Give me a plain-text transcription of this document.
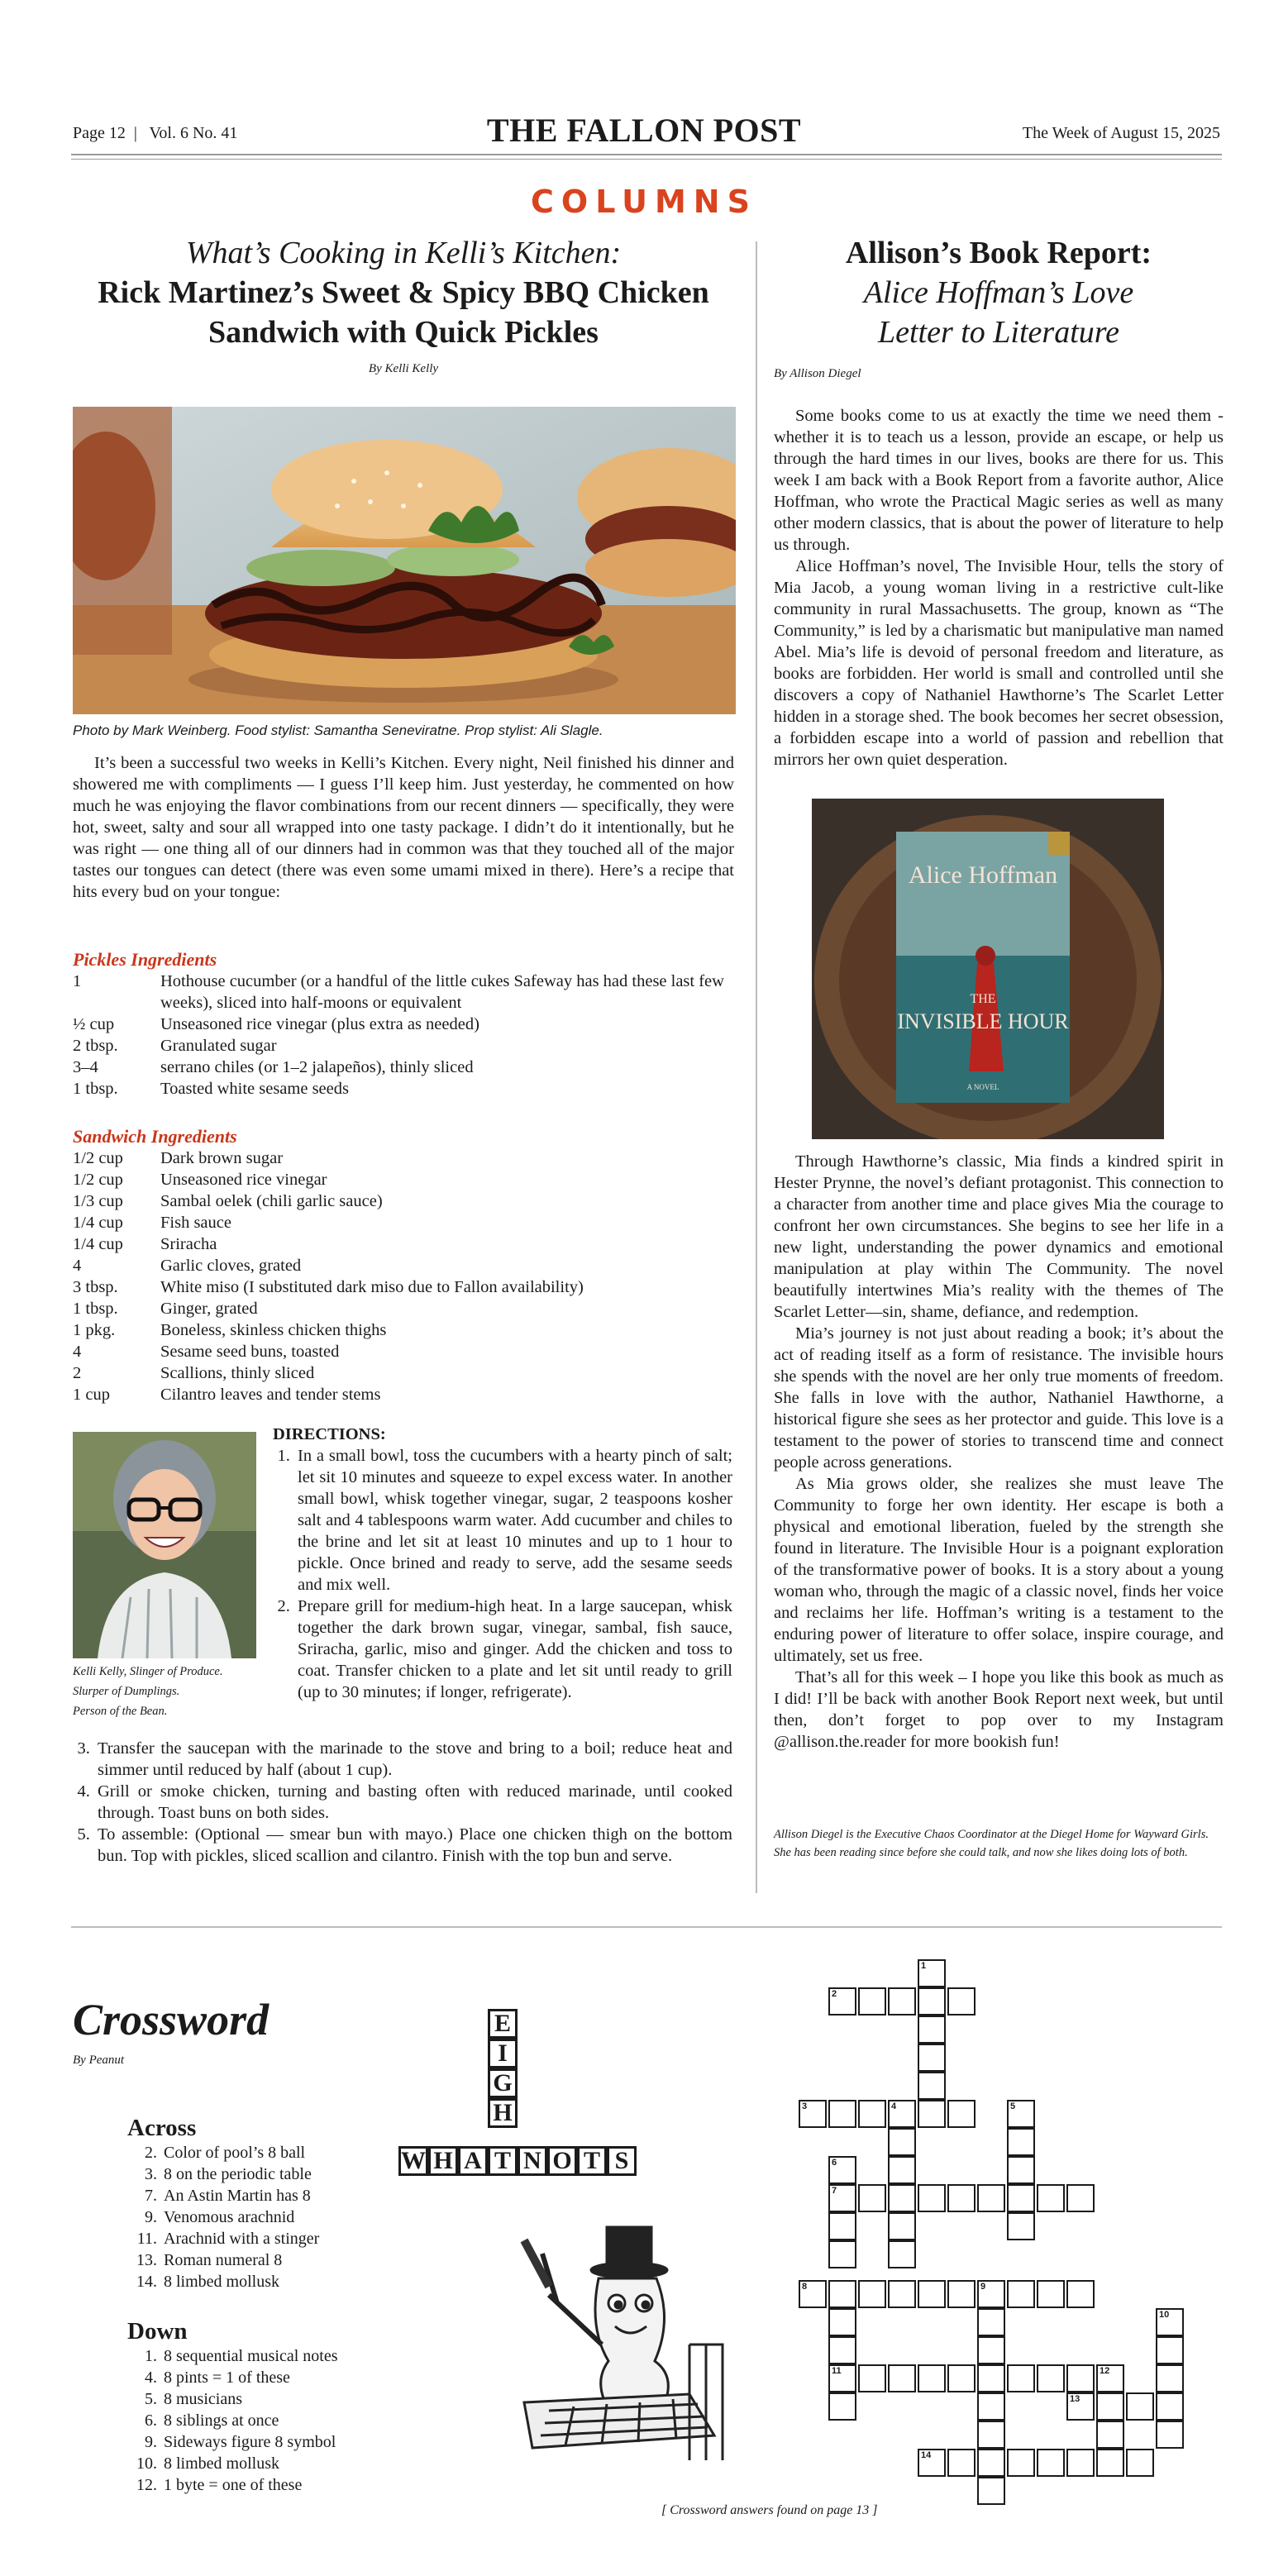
Page 12  |   Vol. 6 No. 41	THE FALLON POST	The Week of August 15, 2025
COLUMNS
What’s Cooking in Kelli’s Kitchen:
Rick Martinez’s Sweet & Spicy BBQ Chicken Sandwich with Quick Pickles
By Kelli Kelly
Photo by Mark Weinberg. Food stylist: Samantha Seneviratne. Prop stylist: Ali Slagle.

It’s been a successful two weeks in Kelli’s Kitchen. Every night, Neil finished his dinner and showered me with compliments — I guess I’ll keep him. Just yesterday, he commented on how much he was enjoying the flavor combinations from our recent dinners — specifically, they were hot, sweet, salty and sour all wrapped into one tasty package. I didn’t do it intentionally, but he was right — one thing all of our dinners had in common was that they touched all of the major tastes our tongues can detect (there was even some umami mixed in there). Here’s a recipe that hits every bud on your tongue:

Pickles Ingredients
1	Hothouse cucumber (or a handful of the little cukes Safeway has had these last few weeks), sliced into half-moons or equivalent
½ cup	Unseasoned rice vinegar (plus extra as needed)
2 tbsp.	Granulated sugar
3–4	serrano chiles (or 1–2 jalapeños), thinly sliced
1 tbsp.	Toasted white sesame seeds
Sandwich Ingredients
1/2 cup	Dark brown sugar
1/2 cup	Unseasoned rice vinegar
1/3 cup	Sambal oelek (chili garlic sauce)
1/4 cup	Fish sauce
1/4 cup	Sriracha
4	Garlic cloves, grated
3 tbsp.	White miso (I substituted dark miso due to Fallon availability)
1 tbsp.	Ginger, grated
1 pkg.	Boneless, skinless chicken thighs
4	Sesame seed buns, toasted
2	Scallions, thinly sliced
1 cup	Cilantro leaves and tender stems
Kelli Kelly, Slinger of Produce.
Slurper of Dumplings.
Person of the Bean.
DIRECTIONS:
1. In a small bowl, toss the cucumbers with a hearty pinch of salt; let sit 10 minutes and squeeze to expel excess water. In another small bowl, whisk together vinegar, sugar, 2 teaspoons kosher salt and 4 tablespoons warm water. Add cucumber and chiles to the brine and let sit at least 10 minutes and up to 1 hour to pickle. Once brined and ready to serve, add the sesame seeds and mix well.
2. Prepare grill for medium-high heat. In a large saucepan, whisk together the dark brown sugar, vinegar, sambal, fish sauce, Sriracha, garlic, miso and ginger. Add the chicken and toss to coat. Transfer chicken to a plate and let sit until ready to grill (up to 30 minutes; if longer, refrigerate).
3. Transfer the saucepan with the marinade to the stove and bring to a boil; reduce heat and simmer until reduced by half (about 1 cup).
4. Grill or smoke chicken, turning and basting often with reduced marinade, until cooked through. Toast buns on both sides.
5. To assemble: (Optional — smear bun with mayo.) Place one chicken thigh on the bottom bun. Top with pickles, sliced scallion and cilantro. Finish with the top bun and serve.
Allison’s Book Report:
Alice Hoffman’s Love Letter to Literature
By Allison Diegel

Some books come to us at exactly the time we need them - whether it is to teach us a lesson, provide an escape, or help us through the hard times in our lives, books are there for us. This week I am back with a Book Report from a favorite author, Alice Hoffman, who wrote the Practical Magic series as well as many other modern classics, that is about the power of literature to help us through.

Alice Hoffman’s novel, The Invisible Hour, tells the story of Mia Jacob, a young woman living in a restrictive cult-like community in rural Massachusetts. The group, known as “The Community,” is led by a charismatic but manipulative man named Abel. Mia’s life is devoid of personal freedom and literature, as books are forbidden. Her world is small and controlled until she discovers a copy of Nathaniel Hawthorne’s The Scarlet Letter hidden in a storage shed. The book becomes her secret obsession, a forbidden escape into a world of passion and rebellion that mirrors her own quiet desperation.

Alice Hoffman
THE
INVISIBLE HOUR
A NOVEL

Through Hawthorne’s classic, Mia finds a kindred spirit in Hester Prynne, the novel’s defiant protagonist. This connection to a character from another time and place gives Mia the courage to confront her own circumstances. She begins to see her life in a new light, understanding the power dynamics and emotional manipulation at play within The Community. The novel beautifully intertwines Mia’s reality with the themes of The Scarlet Letter—sin, shame, defiance, and redemption.

Mia’s journey is not just about reading a book; it’s about the act of reading itself as a form of resistance. The invisible hours she spends with the novel are her only true moments of freedom. She falls in love with the author, Nathaniel Hawthorne, a historical figure she sees as her protector and guide. This love is a testament to the power of stories to transcend time and connect people across generations.

As Mia grows older, she realizes she must leave The Community to forge her own identity. Her escape is both a physical and emotional liberation, fueled by the strength she found in literature. The Invisible Hour is a poignant exploration of the transformative power of books. It is a story about a young woman who, through the magic of a classic novel, finds her voice and reclaims her life. Hoffman’s writing is a testament to the enduring power of literature to offer solace, inspire courage, and ultimately, set us free.

That’s all for this week – I hope you like this book as much as I did! I’ll be back with another Book Report next week, but until then, don’t forget to pop over to my Instagram @allison.the.reader for more bookish fun!

Allison Diegel is the Executive Chaos Coordinator at the Diegel Home for Wayward Girls. She has been reading since before she could talk, and now she likes doing lots of both.
Crossword
By Peanut
Across
2. Color of pool’s 8 ball
3. 8 on the periodic table
7. An Astin Martin has 8
9. Venomous arachnid
11. Arachnid with a stinger
13. Roman numeral 8
14. 8 limbed mollusk
Down
1. 8 sequential musical notes
4. 8 pints = 1 of these
5. 8 musicians
6. 8 siblings at once
9. Sideways figure 8 symbol
10. 8 limbed mollusk
12. 1 byte = one of these
E
I
G
H
W H A T N O T S
1
2
3	4	5
6
7
8	9
10
11	12
13
14
[ Crossword answers found on page 13 ]
